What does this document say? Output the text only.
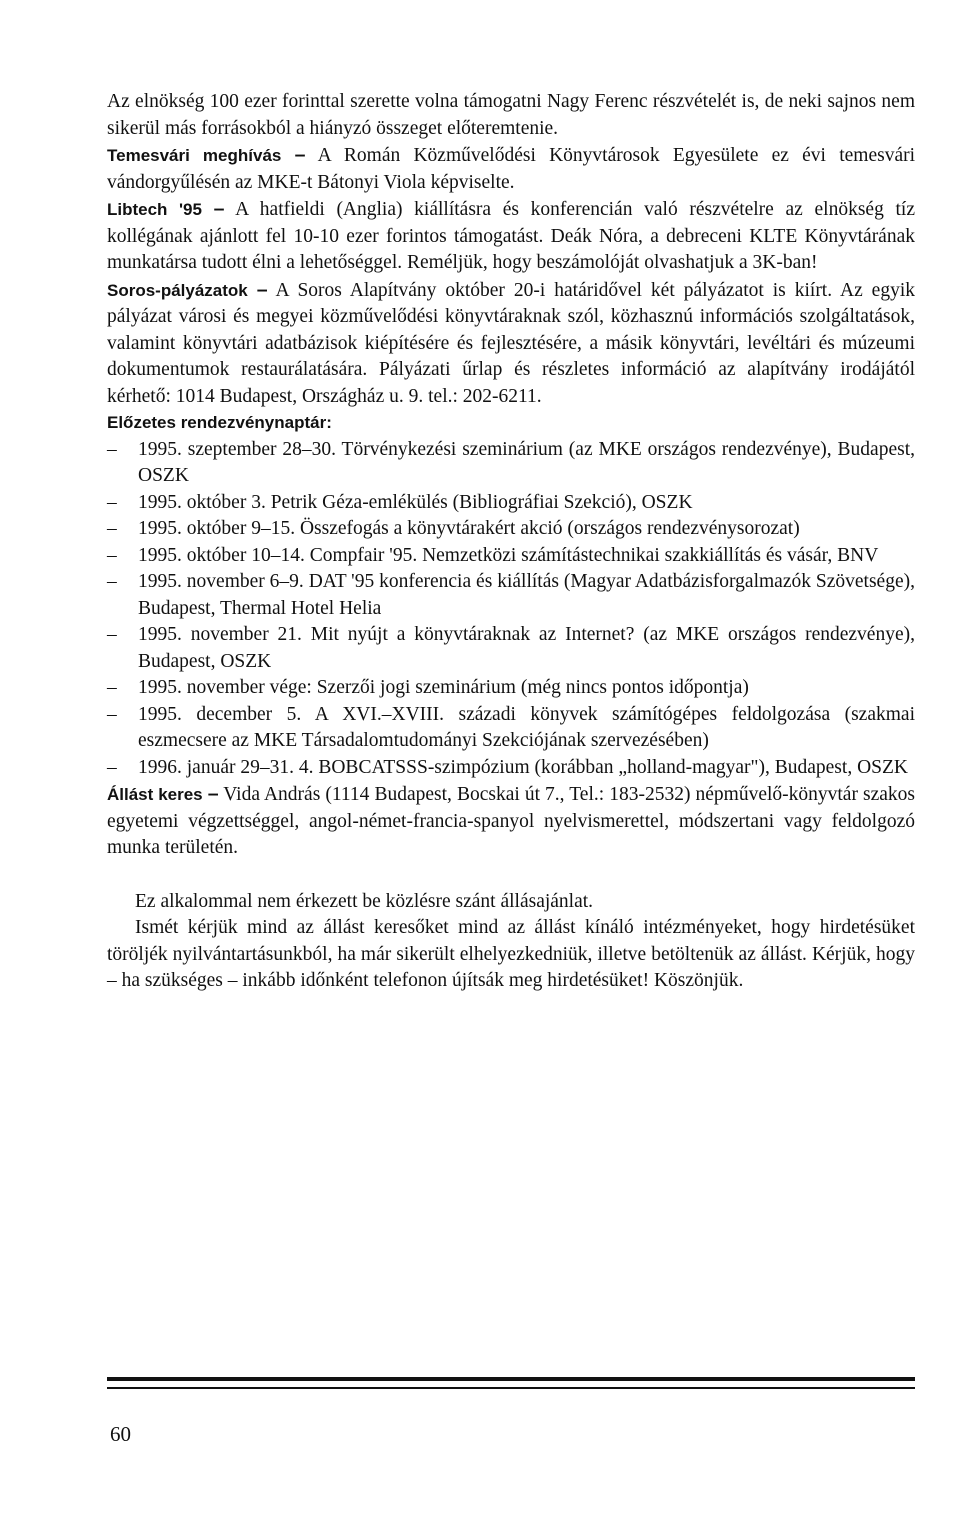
Az elnökség 100 ezer forinttal szerette volna támogatni Nagy Ferenc részvételét is, de neki sajnos nem sikerül más forrásokból a hiányzó összeget előteremtenie.

Temesvári meghívás – A Román Közművelődési Könyvtárosok Egyesülete ez évi temesvári vándorgyűlésén az MKE-t Bátonyi Viola képviselte.

Libtech '95 – A hatfieldi (Anglia) kiállításra és konferencián való részvételre az elnökség tíz kollégának ajánlott fel 10-10 ezer forintos támogatást. Deák Nóra, a debreceni KLTE Könyvtárának munkatársa tudott élni a lehetőséggel. Reméljük, hogy beszámolóját olvashatjuk a 3K-ban!

Soros-pályázatok – A Soros Alapítvány október 20-i határidővel két pályázatot is kiírt. Az egyik pályázat városi és megyei közművelődési könyvtáraknak szól, közhasznú információs szolgáltatások, valamint könyvtári adatbázisok kiépítésére és fejlesztésére, a másik könyvtári, levéltári és múzeumi dokumentumok restaurálatására. Pályázati űrlap és részletes információ az alapítvány irodájától kérhető: 1014 Budapest, Országház u. 9. tel.: 202-6211.

Előzetes rendezvénynaptár:

–	1995. szeptember 28–30. Törvénykezési szeminárium (az MKE országos rendezvénye), Budapest, OSZK
–	1995. október 3. Petrik Géza-emlékülés (Bibliográfiai Szekció), OSZK
–	1995. október 9–15. Összefogás a könyvtárakért akció (országos rendezvénysorozat)
–	1995. október 10–14. Compfair '95. Nemzetközi számítástechnikai szakkiállítás és vásár, BNV
–	1995. november 6–9. DAT '95 konferencia és kiállítás (Magyar Adatbázisforgalmazók Szövetsége), Budapest, Thermal Hotel Helia
–	1995. november 21. Mit nyújt a könyvtáraknak az Internet? (az MKE országos rendezvénye), Budapest, OSZK
–	1995. november vége: Szerzői jogi szeminárium (még nincs pontos időpontja)
–	1995. december 5. A XVI.–XVIII. századi könyvek számítógépes feldolgozása (szakmai eszmecsere az MKE Társadalomtudományi Szekciójának szervezésében)
–	1996. január 29–31. 4. BOBCATSSS-szimpózium (korábban „holland-magyar"), Budapest, OSZK

Állást keres – Vida András (1114 Budapest, Bocskai út 7., Tel.: 183-2532) népművelő-könyvtár szakos egyetemi végzettséggel, angol-német-francia-spanyol nyelvismerettel, módszertani vagy feldolgozó munka területén.

Ez alkalommal nem érkezett be közlésre szánt állásajánlat.

Ismét kérjük mind az állást keresőket mind az állást kínáló intézményeket, hogy hirdetésüket töröljék nyilvántartásunkból, ha már sikerült elhelyezkedniük, illetve betöltenük az állást. Kérjük, hogy – ha szükséges – inkább időnként telefonon újítsák meg hirdetésüket! Köszönjük.

60
